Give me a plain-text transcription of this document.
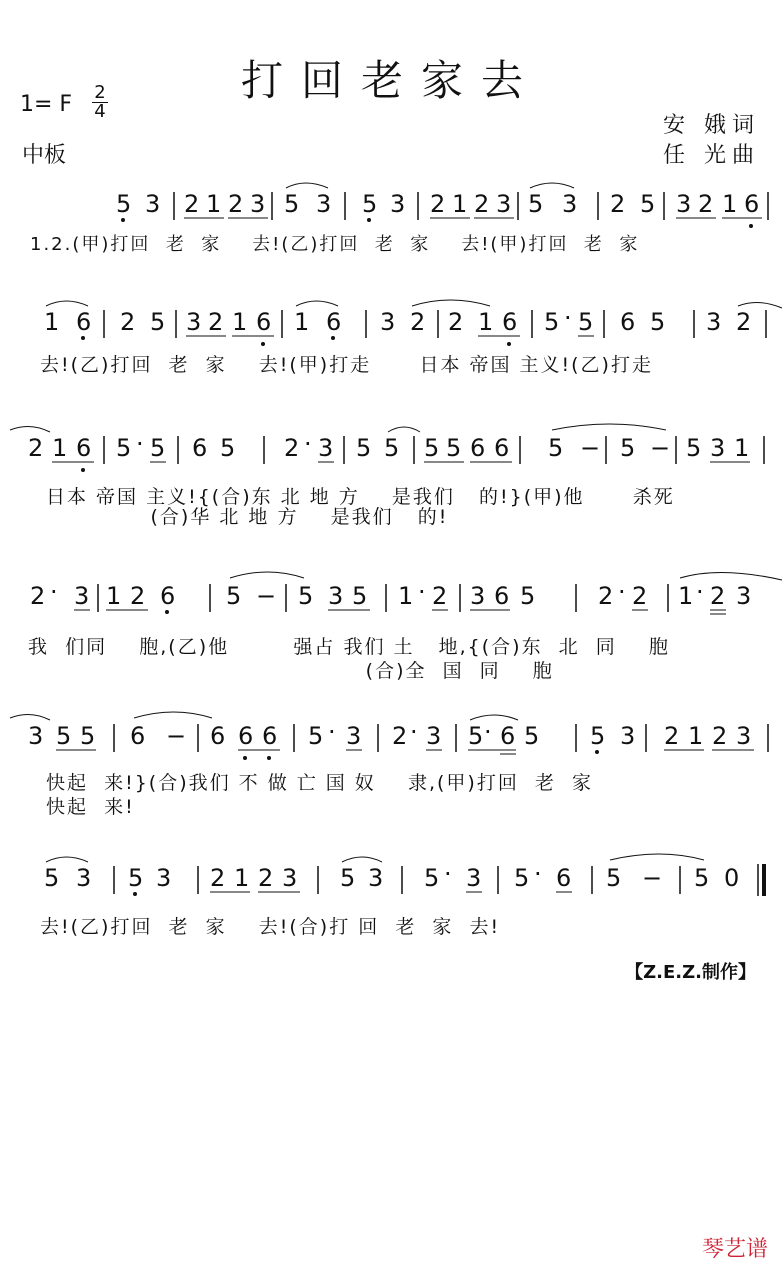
打回老家去
1= F $\frac{2}{4}$
中板
安 娥词
任 光曲
5 3 2 1 2 3 5 3 5 3 2 1 2 3 5 3 2 5 3 2 1 6
1.2.(甲)打回  老  家    去!(乙)打回  老  家    去!(甲)打回  老  家
1 6 2 5 3 2 1 6 1 6 3 2 2 1 6 5 · 5 6 5 3 2
去!(乙)打回  老  家    去!(甲)打走      日本 帝国 主义!(乙)打走
2 1 6 5 · 5 6 5 2 · 3 5 5 5 5 6 6 5 − 5 − 5 3 1
日本 帝国 主义!{(合)东 北 地 方    是我们   的!}(甲)他      杀死
(合)华 北 地 方    是我们   的!
2 · 3 1 2 6 5 − 5 3 5 1 · 2 3 6 5	2 · 2 1 · 2 3
我  们同    胞,(乙)他        强占 我们 土   地,{(合)东  北  同    胞
(合)全  国  同    胞
3 5 5 6 − 6 6 6 5 · 3 2 · 3 5 · 6 5 5 3 2 1 2 3
快起  来!}(合)我们 不 做 亡 国 奴    隶,(甲)打回  老  家
快起  来!
5 3 5 3 2 1 2 3 5 3 5 · 3 5 · 6 5 − 5 0
去!(乙)打回  老  家    去!(合)打 回  老  家  去!
【Z.E.Z.制作】
琴艺谱
